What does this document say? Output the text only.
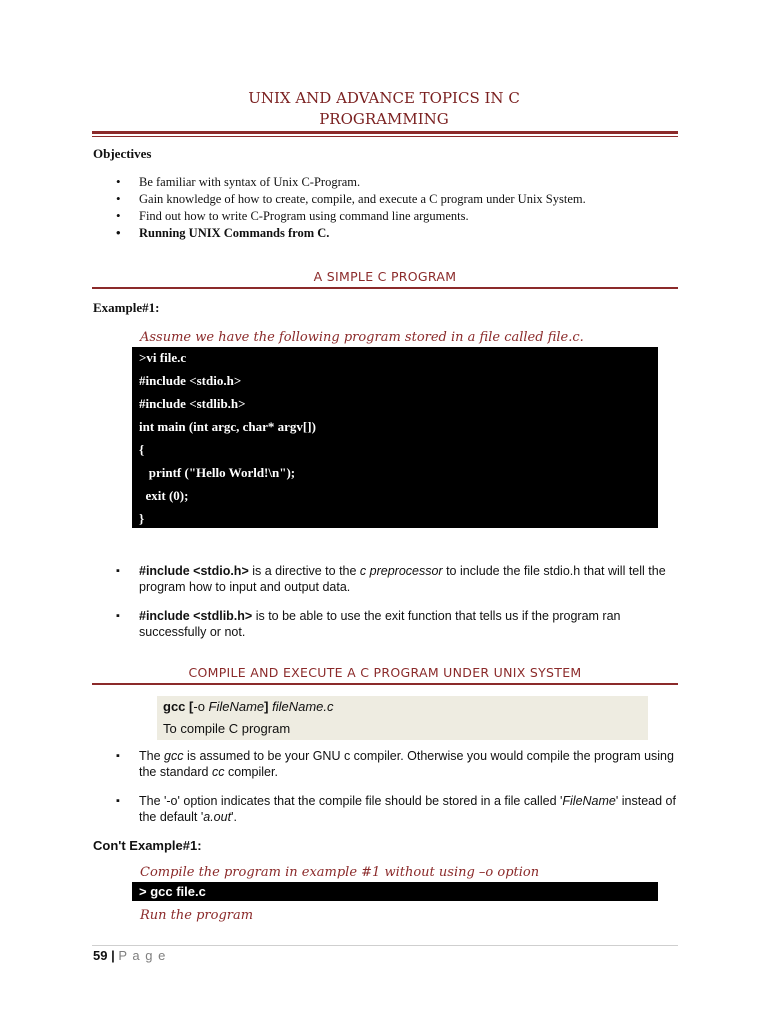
UNIX AND ADVANCE TOPICS IN C
PROGRAMMING
Objectives
• Be familiar with syntax of Unix C-Program.
• Gain knowledge of how to create, compile, and execute a C program under Unix System.
• Find out how to write C-Program using command line arguments.
• Running UNIX Commands from C.
A SIMPLE C PROGRAM
Example#1:
Assume we have the following program stored in a file called file.c.
>vi file.c
#include <stdio.h>
#include <stdlib.h>
int main (int argc, char* argv[])
{
printf ("Hello World!\n");
exit (0);
}
▪ #include <stdio.h> is a directive to the c preprocessor to include the file stdio.h that will tell the program how to input and output data.
▪ #include <stdlib.h> is to be able to use the exit function that tells us if the program ran successfully or not.
COMPILE AND EXECUTE A C PROGRAM UNDER UNIX SYSTEM
gcc [-o FileName] fileName.c
To compile C program
▪ The gcc is assumed to be your GNU c compiler. Otherwise you would compile the program using the standard cc compiler.
▪ The '-o' option indicates that the compile file should be stored in a file called 'FileName' instead of the default 'a.out'.
Con't Example#1:
Compile the program in example #1 without using –o option
> gcc file.c
Run the program
59 | P a g e
